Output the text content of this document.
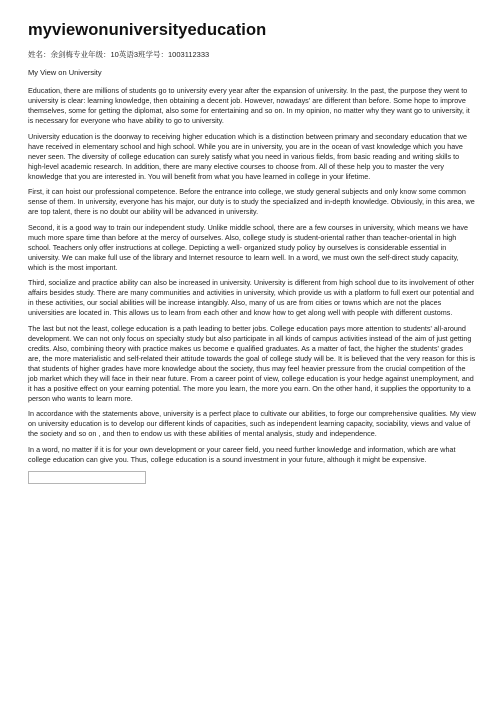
myviewonuniversityeducation
姓名：余剑梅专业年级：10英语3班学号：1003112333
My View on University

Education, there are millions of students go to university every year after the expansion of university. In the past, the purpose they went to university is clear: learning knowledge, then obtaining a decent job. However, nowadays' are different than before. Some hope to improve themselves, some for getting the diplomat, also some for entertaining and so on. In my opinion, no matter why they want go to university, it is necessary for everyone who have ability to go to university.

University education is the doorway to receiving higher education which is a distinction between primary and secondary education that we have received in elementary school and high school. While you are in university, you are in the ocean of vast knowledge which you have never seen. The diversity of college education can surely satisfy what you need in various fields, from basic reading and writing skills to high-level academic research. In addition, there are many elective courses to choose from. All of these help you to master the very knowledge that you are interested in. You will benefit from what you have learned in college in your lifetime.

First, it can hoist our professional competence. Before the entrance into college, we study general subjects and only know some common sense of them. In university, everyone has his major, our duty is to study the specialized and in-depth knowledge. Obviously, in this area, we are top talent, there is no doubt our ability will be advanced in university.

Second, it is a good way to train our independent study. Unlike middle school, there are a few courses in university, which means we have much more spare time than before at the mercy of ourselves. Also, college study is student-oriental rather than teacher-oriental in high school. Teachers only offer instructions at college. Depicting a well- organized study policy by ourselves is considerable essential in university. We can make full use of the library and Internet resource to learn well. In a word, we must own the self-direct study capacity, which is the most important.

Third, socialize and practice ability can also be increased in university. University is different from high school due to its involvement of other affairs besides study. There are many communities and activities in university, which provide us with a platform to full exert our potential and in these activities, our social abilities will be increase intangibly. Also, many of us are from cities or towns which are not the places universities are located in. This allows us to learn from each other and know how to get along well with people with different customs.

The last but not the least, college education is a path leading to better jobs. College education pays more attention to students' all-around development. We can not only focus on specialty study but also participate in all kinds of campus activities instead of the aim of just getting credits. Also, combining theory with practice makes us become e qualified graduates. As a matter of fact, the higher the students' grades are, the more materialistic and self-related their attitude towards the goal of college study will be. It is believed that the very reason for this is that students of higher grades have more knowledge about the society, thus may feel heavier pressure from the crucial competition of the job market which they will face in their near future. From a career point of view, college education is your hedge against unemployment, and it has a positive effect on your earning potential. The more you learn, the more you earn. On the other hand, it supplies the opportunity to a person who wants to learn more.

In accordance with the statements above, university is a perfect place to cultivate our abilities, to forge our comprehensive qualities. My view on university education is to develop our different kinds of capacities, such as independent learning capacity, sociability, views and value of the society and so on , and then to endow us with these abilities of mental analysis, study and independence.

In a word, no matter if it is for your own development or your career field, you need further knowledge and information, which are what college education can give you. Thus, college education is a sound investment in your future, although it might be expensive.
